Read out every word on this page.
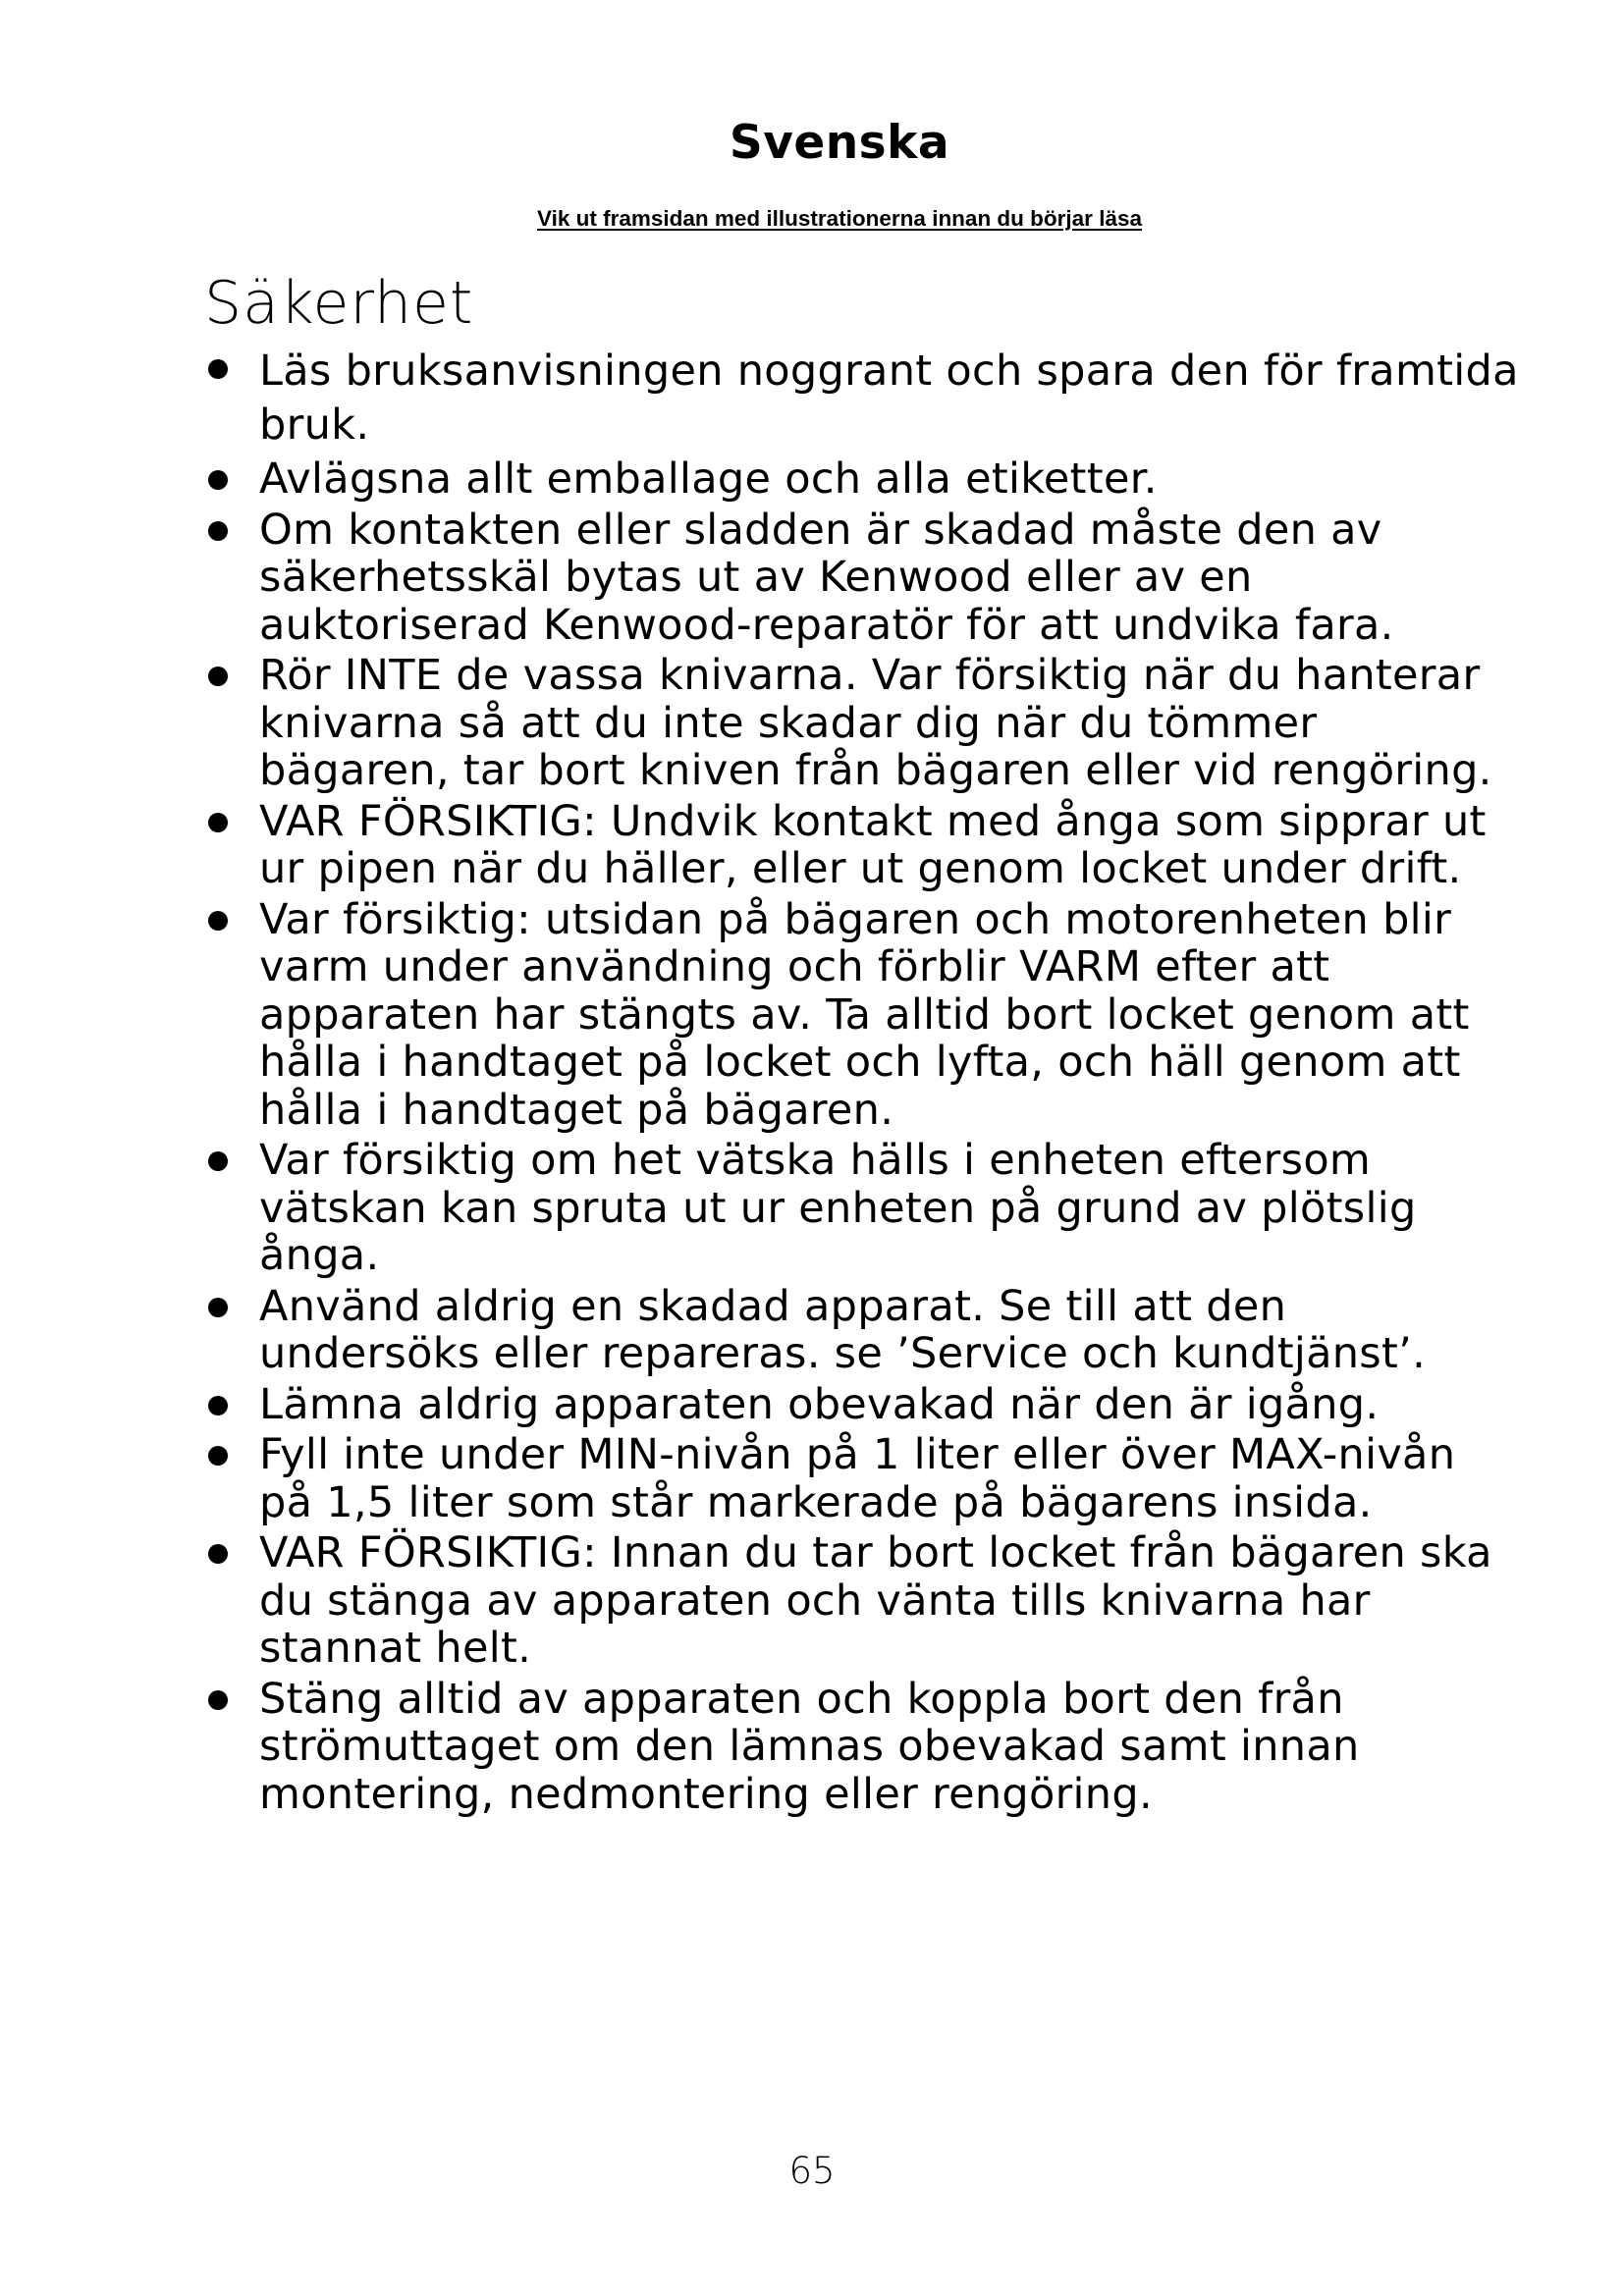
Svenska
Vik ut framsidan med illustrationerna innan du börjar läsa
Säkerhet
Läs bruksanvisningen noggrant och spara den för framtida bruk.
Avlägsna allt emballage och alla etiketter.
Om kontakten eller sladden är skadad måste den av säkerhetsskäl bytas ut av Kenwood eller av en auktoriserad Kenwood-reparatör för att undvika fara.
Rör INTE de vassa knivarna. Var försiktig när du hanterar knivarna så att du inte skadar dig när du tömmer bägaren, tar bort kniven från bägaren eller vid rengöring.
VAR FÖRSIKTIG: Undvik kontakt med ånga som sipprar ut ur pipen när du häller, eller ut genom locket under drift.
Var försiktig: utsidan på bägaren och motorenheten blir varm under användning och förblir VARM efter att apparaten har stängts av. Ta alltid bort locket genom att hålla i handtaget på locket och lyfta, och häll genom att hålla i handtaget på bägaren.
Var försiktig om het vätska hälls i enheten eftersom vätskan kan spruta ut ur enheten på grund av plötslig ånga.
Använd aldrig en skadad apparat. Se till att den undersöks eller repareras. se ’Service och kundtjänst’.
Lämna aldrig apparaten obevakad när den är igång.
Fyll inte under MIN-nivån på 1 liter eller över MAX-nivån på 1,5 liter som står markerade på bägarens insida.
VAR FÖRSIKTIG: Innan du tar bort locket från bägaren ska du stänga av apparaten och vänta tills knivarna har stannat helt.
Stäng alltid av apparaten och koppla bort den från strömuttaget om den lämnas obevakad samt innan montering, nedmontering eller rengöring.
65
